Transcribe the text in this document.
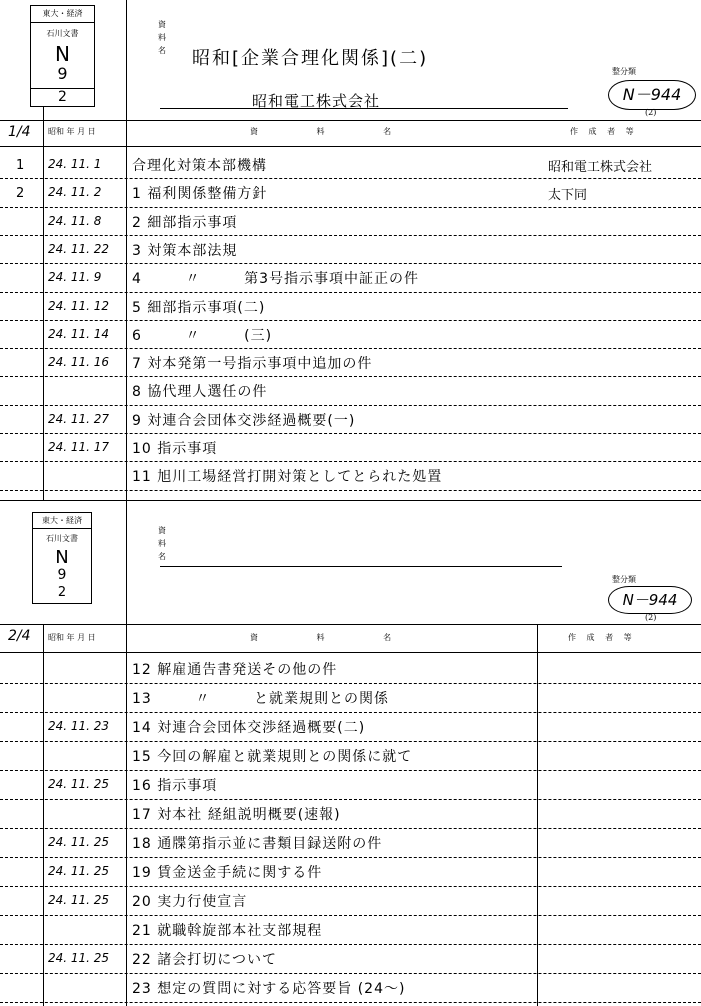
東大・経済
石川文書
N
9
2
資
料
名 昭和[企業合理化関係](二)
昭和電工株式会社
整分類
N－944
(2)
1/4 昭和 年 月 日	資 料 名	作 成 者 等
1 24. 11. 1 合理化対策本部機構	昭和電工株式会社
2 24. 11. 2 1 福利関係整備方針	太下同
24. 11. 8 2 細部指示事項
24. 11. 22 3 対策本部法規
24. 11. 9 4        〃        第3号指示事項中証正の件
24. 11. 12 5 細部指示事項(二)
24. 11. 14 6        〃        (三)
24. 11. 16 7 対本発第一号指示事項中追加の件
8 協代理人選任の件
24. 11. 27 9 対連合会団体交渉経過概要(一)
24. 11. 17 10 指示事項
11 旭川工場経営打開対策としてとられた処置
東大・経済
石川文書
N
9
2
資
料
名
整分類
N－944
(2)
2/4 昭和 年 月 日	資 料 名	作 成 者 等
12 解雇通告書発送その他の件
13        〃        と就業規則との関係
24. 11. 23 14 対連合会団体交渉経過概要(二)
15 今回の解雇と就業規則との関係に就て
24. 11. 25 16 指示事項
17 対本社 経組説明概要(速報)
24. 11. 25 18 通牒第指示並に書類目録送附の件
24. 11. 25 19 賃金送金手続に関する件
24. 11. 25 20 実力行使宣言
21 就職斡旋部本社支部規程
24. 11. 25 22 諸会打切について
23 想定の質問に対する応答要旨 (24～)
